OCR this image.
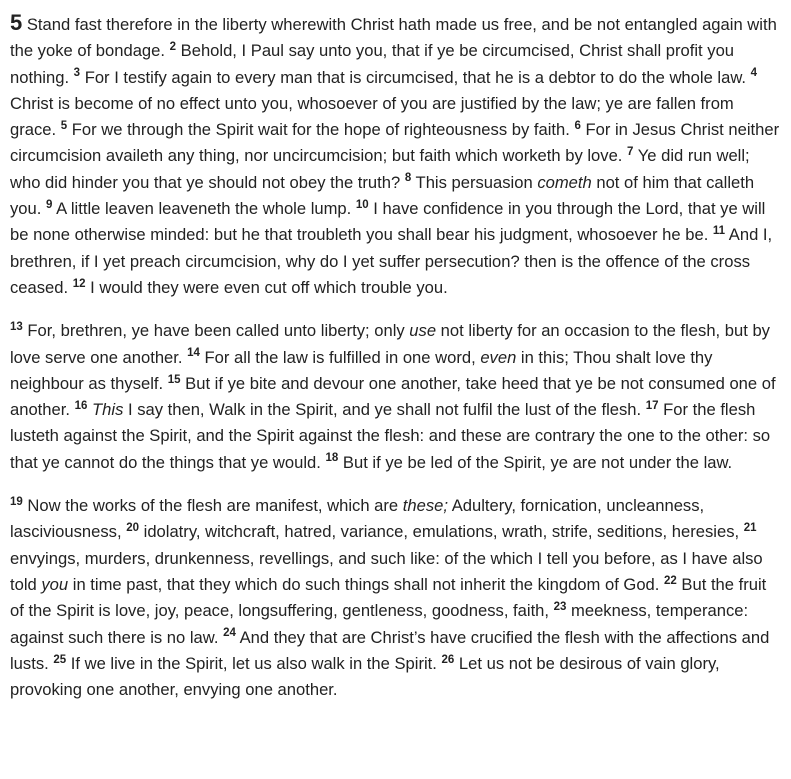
5 Stand fast therefore in the liberty wherewith Christ hath made us free, and be not entangled again with the yoke of bondage. $^2$ Behold, I Paul say unto you, that if ye be circumcised, Christ shall profit you nothing. $^3$ For I testify again to every man that is circumcised, that he is a debtor to do the whole law. $^4$ Christ is become of no effect unto you, whosoever of you are justified by the law; ye are fallen from grace. $^5$ For we through the Spirit wait for the hope of righteousness by faith. $^6$ For in Jesus Christ neither circumcision availeth any thing, nor uncircumcision; but faith which worketh by love. $^7$ Ye did run well; who did hinder you that ye should not obey the truth? $^8$ This persuasion cometh not of him that calleth you. $^9$ A little leaven leaveneth the whole lump. $^{10}$ I have confidence in you through the Lord, that ye will be none otherwise minded: but he that troubleth you shall bear his judgment, whosoever he be. $^{11}$ And I, brethren, if I yet preach circumcision, why do I yet suffer persecution? then is the offence of the cross ceased. $^{12}$ I would they were even cut off which trouble you.

$^{13}$ For, brethren, ye have been called unto liberty; only use not liberty for an occasion to the flesh, but by love serve one another. $^{14}$ For all the law is fulfilled in one word, even in this; Thou shalt love thy neighbour as thyself. $^{15}$ But if ye bite and devour one another, take heed that ye be not consumed one of another. $^{16}$ This I say then, Walk in the Spirit, and ye shall not fulfil the lust of the flesh. $^{17}$ For the flesh lusteth against the Spirit, and the Spirit against the flesh: and these are contrary the one to the other: so that ye cannot do the things that ye would. $^{18}$ But if ye be led of the Spirit, ye are not under the law.

$^{19}$ Now the works of the flesh are manifest, which are these; Adultery, fornication, uncleanness, lasciviousness, $^{20}$ idolatry, witchcraft, hatred, variance, emulations, wrath, strife, seditions, heresies, $^{21}$ envyings, murders, drunkenness, revellings, and such like: of the which I tell you before, as I have also told you in time past, that they which do such things shall not inherit the kingdom of God. $^{22}$ But the fruit of the Spirit is love, joy, peace, longsuffering, gentleness, goodness, faith, $^{23}$ meekness, temperance: against such there is no law. $^{24}$ And they that are Christ’s have crucified the flesh with the affections and lusts. $^{25}$ If we live in the Spirit, let us also walk in the Spirit. $^{26}$ Let us not be desirous of vain glory, provoking one another, envying one another.
